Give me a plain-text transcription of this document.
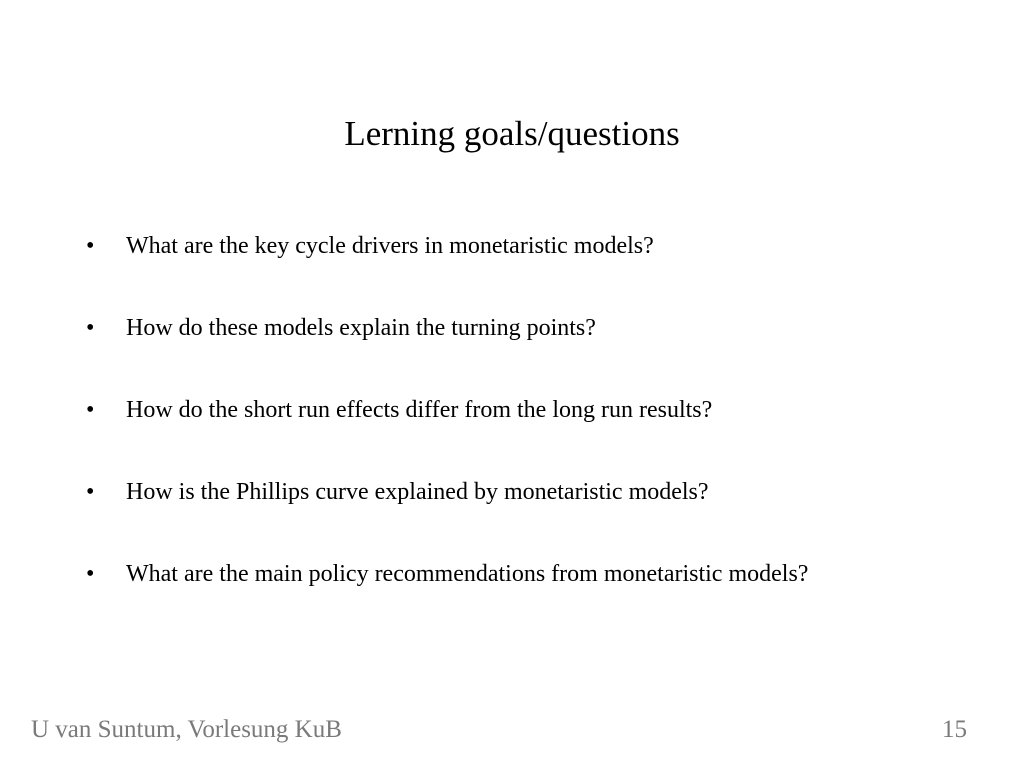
Lerning goals/questions
•	What are the key cycle drivers in monetaristic models?
•	How do these models explain the turning points?
•	How do the short run effects differ from the long run results?
•	How is the Phillips curve explained by monetaristic models?
•	What are the main policy recommendations from monetaristic models?
U van Suntum, Vorlesung KuB	15
